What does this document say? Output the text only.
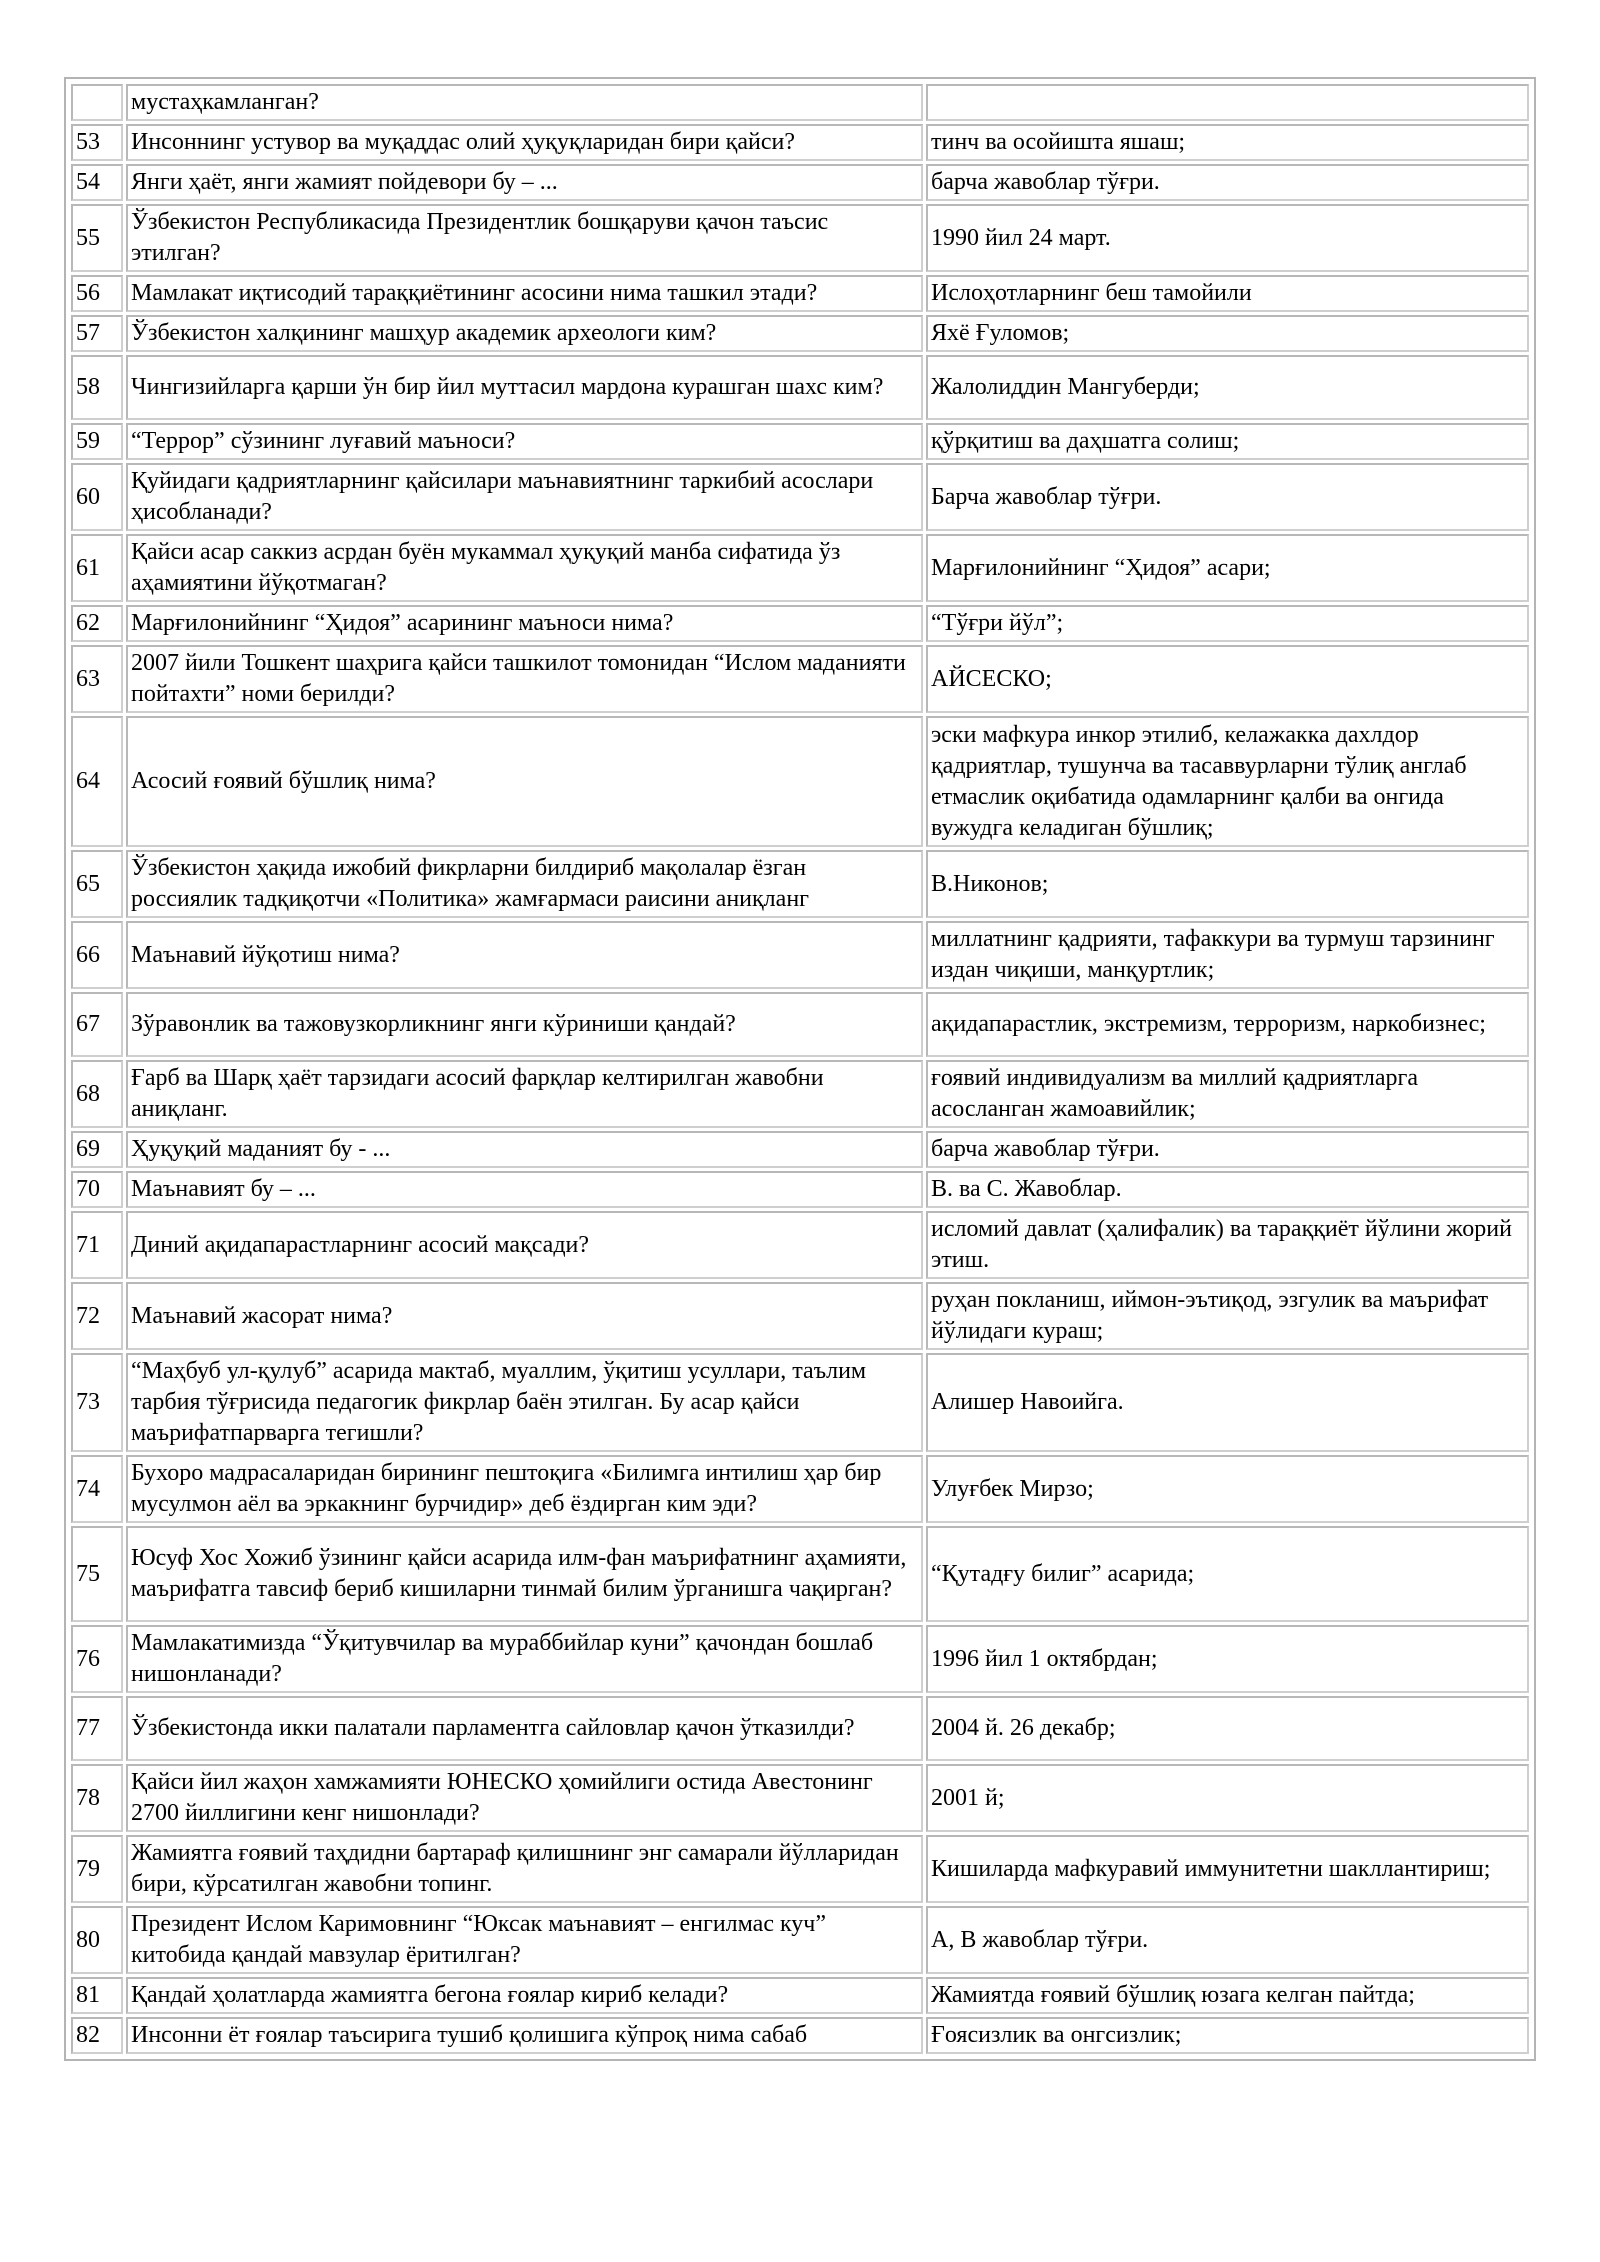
	мустаҳкамланган?	
53	Инсоннинг устувор ва муқаддас олий ҳуқуқларидан бири қайси?	тинч ва осойишта яшаш;
54	Янги ҳаёт, янги жамият пойдевори бу – ...	барча жавоблар тўғри.
55	Ўзбекистон Республикасида Президентлик бошқаруви қачон таъсис этилган?	1990 йил 24 март.
56	Мамлакат иқтисодий тараққиётининг асосини нима ташкил этади?	Ислоҳотларнинг беш тамойили
57	Ўзбекистон халқининг машҳур академик археологи ким?	Яхё Ғуломов;
58	Чингизийларга қарши ўн бир йил муттасил мардона курашган шахс ким?	Жалолиддин Мангуберди;
59	“Террор” сўзининг луғавий маъноси?	қўрқитиш ва даҳшатга солиш;
60	Қуйидаги қадриятларнинг қайсилари маънавиятнинг таркибий асослари ҳисобланади?	Барча жавоблар тўғри.
61	Қайси асар саккиз асрдан буён мукаммал ҳуқуқий манба сифатида ўз аҳамиятини йўқотмаган?	Марғилонийнинг “Ҳидоя” асари;
62	Марғилонийнинг “Ҳидоя” асарининг маъноси нима?	“Тўғри йўл”;
63	2007 йили Тошкент шаҳрига қайси ташкилот томонидан “Ислом маданияти пойтахти” номи берилди?	АЙСЕСКО;
64	Асосий ғоявий бўшлиқ нима?	эски мафкура инкор этилиб, келажакка дахлдор қадриятлар, тушунча ва тасаввурларни тўлиқ англаб етмаслик оқибатида одамларнинг қалби ва онгида вужудга келадиган бўшлиқ;
65	Ўзбекистон ҳақида ижобий фикрларни билдириб мақолалар ёзган россиялик тадқиқотчи «Политика» жамғармаси раисини аниқланг	В.Никонов;
66	Маънавий йўқотиш нима?	миллатнинг қадрияти, тафаккури ва турмуш тарзининг издан чиқиши, манқуртлик;
67	Зўравонлик ва тажовузкорликнинг янги кўриниши қандай?	ақидапарастлик, экстремизм, терроризм, наркобизнес;
68	Ғарб ва Шарқ ҳаёт тарзидаги асосий фарқлар келтирилган жавобни аниқланг.	ғоявий индивидуализм ва миллий қадриятларга асосланган жамоавийлик;
69	Ҳуқуқий маданият бу - ...	барча жавоблар тўғри.
70	Маънавият бу – ...	В. ва С. Жавоблар.
71	Диний ақидапарастларнинг асосий мақсади?	исломий давлат (ҳалифалик) ва тараққиёт йўлини жорий этиш.
72	Маънавий жасорат нима?	руҳан покланиш, иймон-эътиқод, эзгулик ва маърифат йўлидаги кураш;
73	“Маҳбуб ул-қулуб” асарида мактаб, муаллим, ўқитиш усуллари, таълим тарбия тўғрисида педагогик фикрлар баён этилган. Бу асар қайси маърифатпарварга тегишли?	Алишер Навоийга.
74	Бухоро мадрасаларидан бирининг пештоқига «Билимга интилиш ҳар бир мусулмон аёл ва эркакнинг бурчидир» деб ёздирган ким эди?	Улуғбек Мирзо;
75	Юсуф Хос Хожиб ўзининг қайси асарида илм-фан маърифатнинг аҳамияти, маърифатга тавсиф бериб кишиларни тинмай билим ўрганишга чақирган?	“Қутадғу билиг” асарида;
76	Мамлакатимизда “Ўқитувчилар ва мураббийлар куни” қачондан бошлаб нишонланади?	1996 йил 1 октябрдан;
77	Ўзбекистонда икки палатали парламентга сайловлар қачон ўтказилди?	2004 й. 26 декабр;
78	Қайси йил жаҳон хамжамияти ЮНЕСКО ҳомийлиги остида Авестонинг 2700 йиллигини кенг нишонлади?	2001 й;
79	Жамиятга ғоявий таҳдидни бартараф қилишнинг энг самарали йўлларидан бири, кўрсатилган жавобни топинг.	Кишиларда мафкуравий иммунитетни шакллантириш;
80	Президент Ислом Каримовнинг “Юксак маънавият – енгилмас куч” китобида қандай мавзулар ёритилган?	А, В жавоблар тўғри.
81	Қандай ҳолатларда жамиятга бегона ғоялар кириб келади?	Жамиятда ғоявий бўшлиқ юзага келган пайтда;
82	Инсонни ёт ғоялар таъсирига тушиб қолишига кўпроқ нима сабаб	Ғоясизлик ва онгсизлик;
